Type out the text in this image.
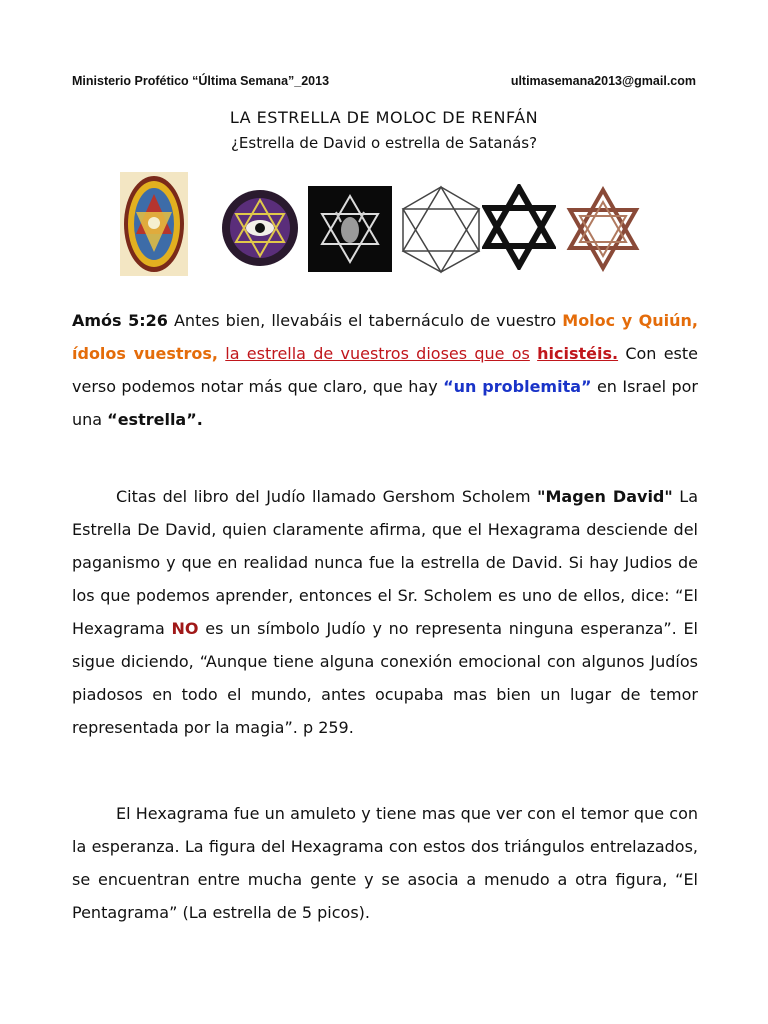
Ministerio Profético “Última Semana”_2013	ultimasemana2013@gmail.com
LA ESTRELLA DE MOLOC DE RENFÁN
¿Estrella de David o estrella de Satanás?
Amós 5:26 Antes bien, llevabáis el tabernáculo de vuestro Moloc y Quiún, ídolos vuestros, la estrella de vuestros dioses que os hicistéis. Con este verso podemos notar más que claro, que hay “un problemita” en Israel por una “estrella”.
Citas del libro del Judío llamado Gershom Scholem "Magen David" La Estrella De David, quien claramente afirma, que el Hexagrama desciende del paganismo y que en realidad nunca fue la estrella de David. Si hay Judios de los que podemos aprender, entonces el Sr. Scholem es uno de ellos, dice: “El Hexagrama NO es un símbolo Judío y no representa ninguna esperanza”. El sigue diciendo, “Aunque tiene alguna conexión emocional con algunos Judíos piadosos en todo el mundo, antes ocupaba mas bien un lugar de temor representada por la magia”. p 259.
El Hexagrama fue un amuleto y tiene mas que ver con el temor que con la esperanza. La figura del Hexagrama con estos dos triángulos entrelazados, se encuentran entre mucha gente y se asocia a menudo a otra figura, “El Pentagrama” (La estrella de 5 picos).
